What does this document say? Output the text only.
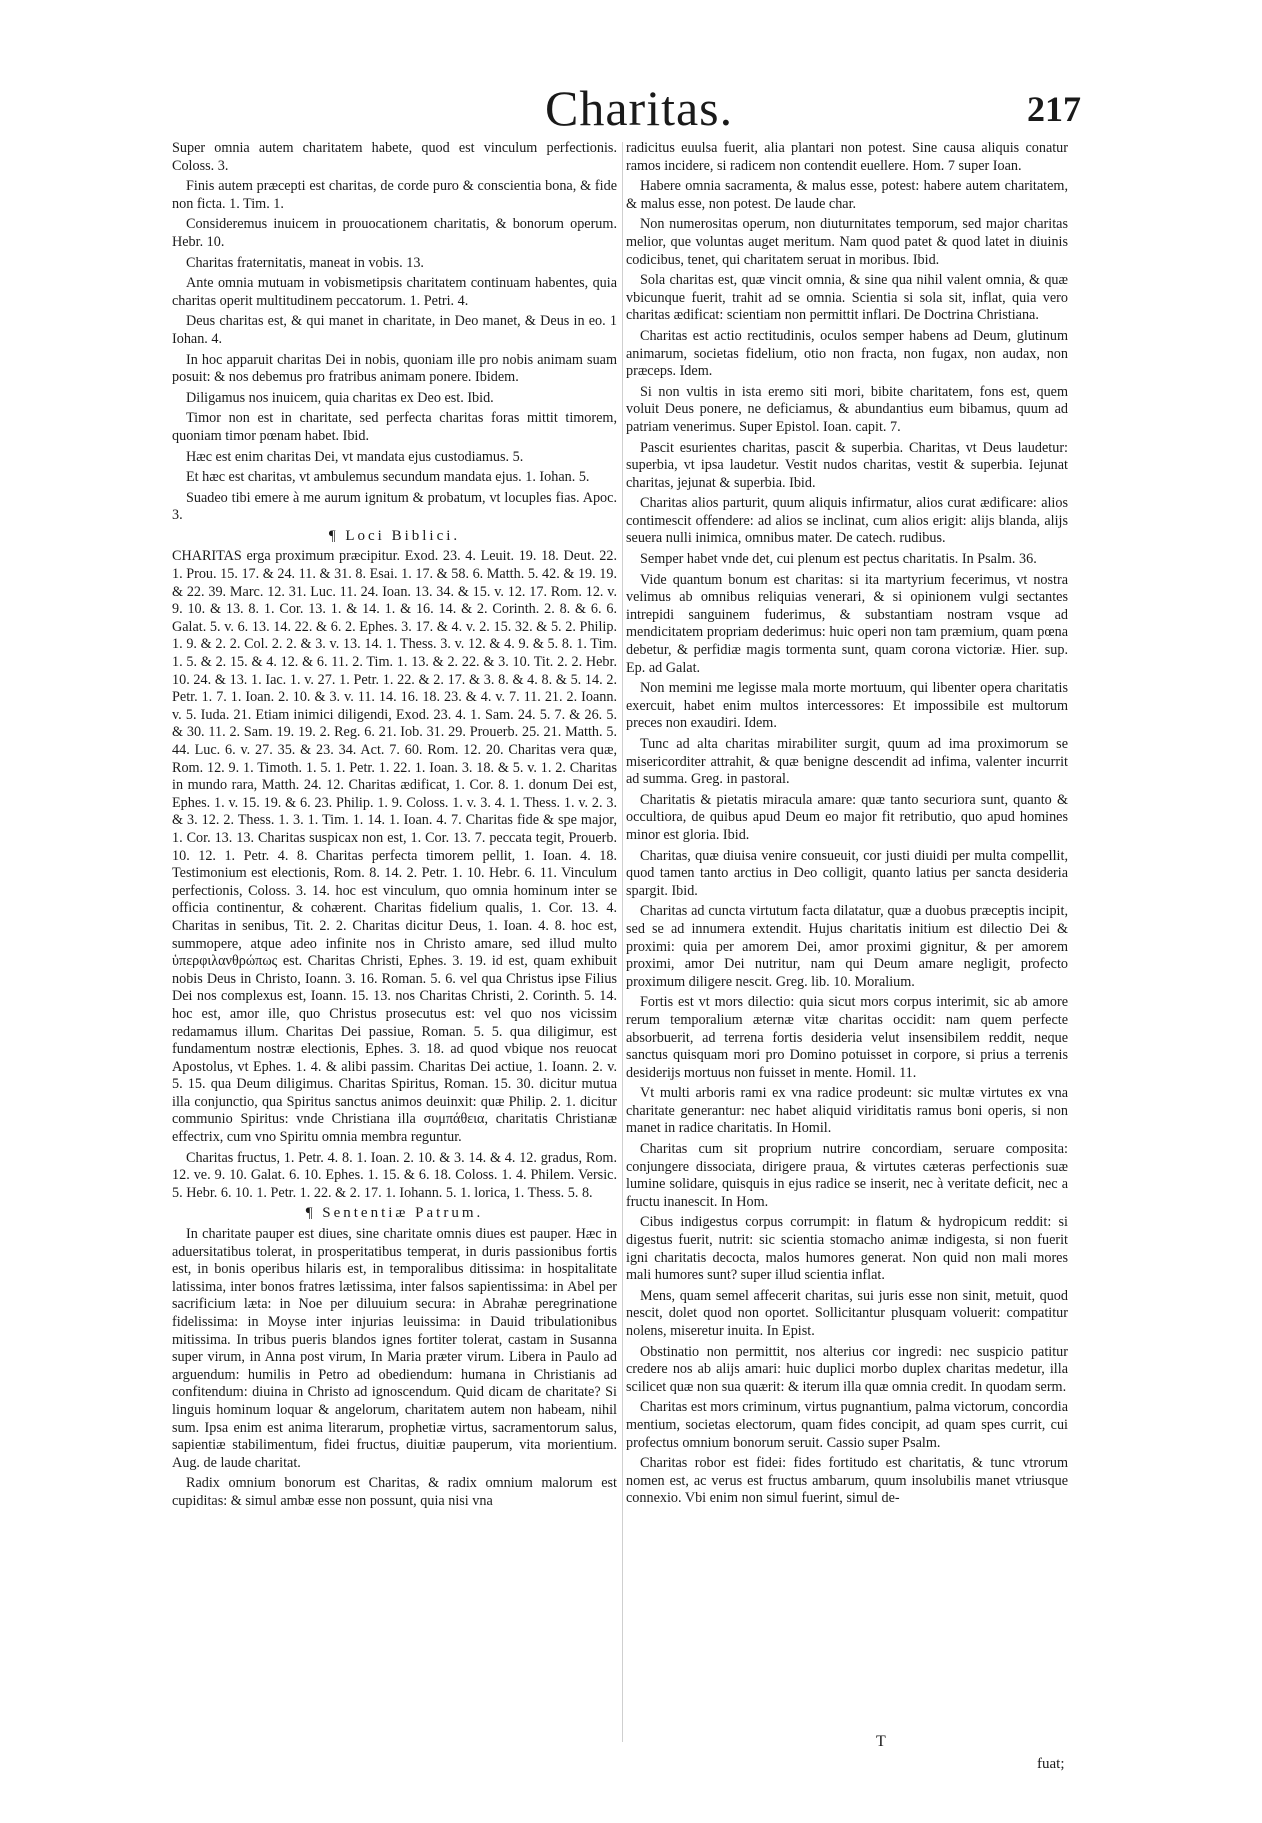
Charitas.	217

Super omnia autem charitatem habete, quod est vinculum perfectionis. Coloss. 3.

Finis autem præcepti est charitas, de corde puro & conscientia bona, & fide non ficta. 1. Tim. 1.

Consideremus inuicem in prouocationem charitatis, & bonorum operum. Hebr. 10.

Charitas fraternitatis, maneat in vobis. 13.

Ante omnia mutuam in vobismetipsis charitatem continuam habentes, quia charitas operit multitudinem peccatorum. 1. Petri. 4.

Deus charitas est, & qui manet in charitate, in Deo manet, & Deus in eo. 1 Iohan. 4.

In hoc apparuit charitas Dei in nobis, quoniam ille pro nobis animam suam posuit: & nos debemus pro fratribus animam ponere. Ibidem.

Diligamus nos inuicem, quia charitas ex Deo est. Ibid.

Timor non est in charitate, sed perfecta charitas foras mittit timorem, quoniam timor pœnam habet. Ibid.

Hæc est enim charitas Dei, vt mandata ejus custodiamus. 5.

Et hæc est charitas, vt ambulemus secundum mandata ejus. 1. Iohan. 5.

Suadeo tibi emere à me aurum ignitum & probatum, vt locuples fias. Apoc. 3.

¶ Loci Biblici.

CHARITAS erga proximum præcipitur. Exod. 23. 4. Leuit. 19. 18. Deut. 22. 1. Prou. 15. 17. & 24. 11. & 31. 8. Esai. 1. 17. & 58. 6. Matth. 5. 42. & 19. 19. & 22. 39. Marc. 12. 31. Luc. 11. 24. Ioan. 13. 34. & 15. v. 12. 17. Rom. 12. v. 9. 10. & 13. 8. 1. Cor. 13. 1. & 14. 1. & 16. 14. & 2. Corinth. 2. 8. & 6. 6. Galat. 5. v. 6. 13. 14. 22. & 6. 2. Ephes. 3. 17. & 4. v. 2. 15. 32. & 5. 2. Philip. 1. 9. & 2. 2. Col. 2. 2. & 3. v. 13. 14. 1. Thess. 3. v. 12. & 4. 9. & 5. 8. 1. Tim. 1. 5. & 2. 15. & 4. 12. & 6. 11. 2. Tim. 1. 13. & 2. 22. & 3. 10. Tit. 2. 2. Hebr. 10. 24. & 13. 1. Iac. 1. v. 27. 1. Petr. 1. 22. & 2. 17. & 3. 8. & 4. 8. & 5. 14. 2. Petr. 1. 7. 1. Ioan. 2. 10. & 3. v. 11. 14. 16. 18. 23. & 4. v. 7. 11. 21. 2. Ioann. v. 5. Iuda. 21. Etiam inimici diligendi, Exod. 23. 4. 1. Sam. 24. 5. 7. & 26. 5. & 30. 11. 2. Sam. 19. 19. 2. Reg. 6. 21. Iob. 31. 29. Prouerb. 25. 21. Matth. 5. 44. Luc. 6. v. 27. 35. & 23. 34. Act. 7. 60. Rom. 12. 20. Charitas vera quæ, Rom. 12. 9. 1. Timoth. 1. 5. 1. Petr. 1. 22. 1. Ioan. 3. 18. & 5. v. 1. 2. Charitas in mundo rara, Matth. 24. 12. Charitas ædificat, 1. Cor. 8. 1. donum Dei est, Ephes. 1. v. 15. 19. & 6. 23. Philip. 1. 9. Coloss. 1. v. 3. 4. 1. Thess. 1. v. 2. 3. & 3. 12. 2. Thess. 1. 3. 1. Tim. 1. 14. 1. Ioan. 4. 7. Charitas fide & spe major, 1. Cor. 13. 13. Charitas suspicax non est, 1. Cor. 13. 7. peccata tegit, Prouerb. 10. 12. 1. Petr. 4. 8. Charitas perfecta timorem pellit, 1. Ioan. 4. 18. Testimonium est electionis, Rom. 8. 14. 2. Petr. 1. 10. Hebr. 6. 11. Vinculum perfectionis, Coloss. 3. 14. hoc est vinculum, quo omnia hominum inter se officia continentur, & cohærent. Charitas fidelium qualis, 1. Cor. 13. 4. Charitas in senibus, Tit. 2. 2. Charitas dicitur Deus, 1. Ioan. 4. 8. hoc est, summopere, atque adeo infinite nos in Christo amare, sed illud multo ὑπερφιλανθρώπως est. Charitas Christi, Ephes. 3. 19. id est, quam exhibuit nobis Deus in Christo, Ioann. 3. 16. Roman. 5. 6. vel qua Christus ipse Filius Dei nos complexus est, Ioann. 15. 13. nos Charitas Christi, 2. Corinth. 5. 14. hoc est, amor ille, quo Christus prosecutus est: vel quo nos vicissim redamamus illum. Charitas Dei passiue, Roman. 5. 5. qua diligimur, est fundamentum nostræ electionis, Ephes. 3. 18. ad quod vbique nos reuocat Apostolus, vt Ephes. 1. 4. & alibi passim. Charitas Dei actiue, 1. Ioann. 2. v. 5. 15. qua Deum diligimus. Charitas Spiritus, Roman. 15. 30. dicitur mutua illa conjunctio, qua Spiritus sanctus animos deuinxit: quæ Philip. 2. 1. dicitur communio Spiritus: vnde Christiana illa συμπάθεια, charitatis Christianæ effectrix, cum vno Spiritu omnia membra reguntur.

Charitas fructus, 1. Petr. 4. 8. 1. Ioan. 2. 10. & 3. 14. & 4. 12. gradus, Rom. 12. ve. 9. 10. Galat. 6. 10. Ephes. 1. 15. & 6. 18. Coloss. 1. 4. Philem. Versic. 5. Hebr. 6. 10. 1. Petr. 1. 22. & 2. 17. 1. Iohann. 5. 1. lorica, 1. Thess. 5. 8.

¶ Sententiæ Patrum.

In charitate pauper est diues, sine charitate omnis diues est pauper. Hæc in aduersitatibus tolerat, in prosperitatibus temperat, in duris passionibus fortis est, in bonis operibus hilaris est, in temporalibus ditissima: in hospitalitate latissima, inter bonos fratres lætissima, inter falsos sapientissima: in Abel per sacrificium læta: in Noe per diluuium secura: in Abrahæ peregrinatione fidelissima: in Moyse inter injurias leuissima: in Dauid tribulationibus mitissima. In tribus pueris blandos ignes fortiter tolerat, castam in Susanna super virum, in Anna post virum, In Maria præter virum. Libera in Paulo ad arguendum: humilis in Petro ad obediendum: humana in Christianis ad confitendum: diuina in Christo ad ignoscendum. Quid dicam de charitate? Si linguis hominum loquar & angelorum, charitatem autem non habeam, nihil sum. Ipsa enim est anima literarum, prophetiæ virtus, sacramentorum salus, sapientiæ stabilimentum, fidei fructus, diuitiæ pauperum, vita morientium. Aug. de laude charitat.

Radix omnium bonorum est Charitas, & radix omnium malorum est cupiditas: & simul ambæ esse non possunt, quia nisi vna

radicitus euulsa fuerit, alia plantari non potest. Sine causa aliquis conatur ramos incidere, si radicem non contendit euellere. Hom. 7 super Ioan.

Habere omnia sacramenta, & malus esse, potest: habere autem charitatem, & malus esse, non potest. De laude char.

Non numerositas operum, non diuturnitates temporum, sed major charitas melior, que voluntas auget meritum. Nam quod patet & quod latet in diuinis codicibus, tenet, qui charitatem seruat in moribus. Ibid.

Sola charitas est, quæ vincit omnia, & sine qua nihil valent omnia, & quæ vbicunque fuerit, trahit ad se omnia. Scientia si sola sit, inflat, quia vero charitas ædificat: scientiam non permittit inflari. De Doctrina Christiana.

Charitas est actio rectitudinis, oculos semper habens ad Deum, glutinum animarum, societas fidelium, otio non fracta, non fugax, non audax, non præceps. Idem.

Si non vultis in ista eremo siti mori, bibite charitatem, fons est, quem voluit Deus ponere, ne deficiamus, & abundantius eum bibamus, quum ad patriam venerimus. Super Epistol. Ioan. capit. 7.

Pascit esurientes charitas, pascit & superbia. Charitas, vt Deus laudetur: superbia, vt ipsa laudetur. Vestit nudos charitas, vestit & superbia. Iejunat charitas, jejunat & superbia. Ibid.

Charitas alios parturit, quum aliquis infirmatur, alios curat ædificare: alios contimescit offendere: ad alios se inclinat, cum alios erigit: alijs blanda, alijs seuera nulli inimica, omnibus mater. De catech. rudibus.

Semper habet vnde det, cui plenum est pectus charitatis. In Psalm. 36.

Vide quantum bonum est charitas: si ita martyrium fecerimus, vt nostra velimus ab omnibus reliquias venerari, & si opinionem vulgi sectantes intrepidi sanguinem fuderimus, & substantiam nostram vsque ad mendicitatem propriam dederimus: huic operi non tam præmium, quam pœna debetur, & perfidiæ magis tormenta sunt, quam corona victoriæ. Hier. sup. Ep. ad Galat.

Non memini me legisse mala morte mortuum, qui libenter opera charitatis exercuit, habet enim multos intercessores: Et impossibile est multorum preces non exaudiri. Idem.

Tunc ad alta charitas mirabiliter surgit, quum ad ima proximorum se misericorditer attrahit, & quæ benigne descendit ad infima, valenter incurrit ad summa. Greg. in pastoral.

Charitatis & pietatis miracula amare: quæ tanto securiora sunt, quanto & occultiora, de quibus apud Deum eo major fit retributio, quo apud homines minor est gloria. Ibid.

Charitas, quæ diuisa venire consueuit, cor justi diuidi per multa compellit, quod tamen tanto arctius in Deo colligit, quanto latius per sancta desideria spargit. Ibid.

Charitas ad cuncta virtutum facta dilatatur, quæ a duobus præceptis incipit, sed se ad innumera extendit. Hujus charitatis initium est dilectio Dei & proximi: quia per amorem Dei, amor proximi gignitur, & per amorem proximi, amor Dei nutritur, nam qui Deum amare negligit, profecto proximum diligere nescit. Greg. lib. 10. Moralium.

Fortis est vt mors dilectio: quia sicut mors corpus interimit, sic ab amore rerum temporalium æternæ vitæ charitas occidit: nam quem perfecte absorbuerit, ad terrena fortis desideria velut insensibilem reddit, neque sanctus quisquam mori pro Domino potuisset in corpore, si prius a terrenis desiderijs mortuus non fuisset in mente. Homil. 11.

Vt multi arboris rami ex vna radice prodeunt: sic multæ virtutes ex vna charitate generantur: nec habet aliquid viriditatis ramus boni operis, si non manet in radice charitatis. In Homil.

Charitas cum sit proprium nutrire concordiam, seruare composita: conjungere dissociata, dirigere praua, & virtutes cæteras perfectionis suæ lumine solidare, quisquis in ejus radice se inserit, nec à veritate deficit, nec a fructu inanescit. In Hom.

Cibus indigestus corpus corrumpit: in flatum & hydropicum reddit: si digestus fuerit, nutrit: sic scientia stomacho animæ indigesta, si non fuerit igni charitatis decocta, malos humores generat. Non quid non mali mores mali humores sunt? super illud scientia inflat.

Mens, quam semel affecerit charitas, sui juris esse non sinit, metuit, quod nescit, dolet quod non oportet. Sollicitantur plusquam voluerit: compatitur nolens, miseretur inuita. In Epist.

Obstinatio non permittit, nos alterius cor ingredi: nec suspicio patitur credere nos ab alijs amari: huic duplici morbo duplex charitas medetur, illa scilicet quæ non sua quærit: & iterum illa quæ omnia credit. In quodam serm.

Charitas est mors criminum, virtus pugnantium, palma victorum, concordia mentium, societas electorum, quam fides concipit, ad quam spes currit, cui profectus omnium bonorum seruit. Cassio super Psalm.

Charitas robor est fidei: fides fortitudo est charitatis, & tunc vtrorum nomen est, ac verus est fructus ambarum, quum insolubilis manet vtriusque connexio. Vbi enim non simul fuerint, simul de-

T
fuat;
